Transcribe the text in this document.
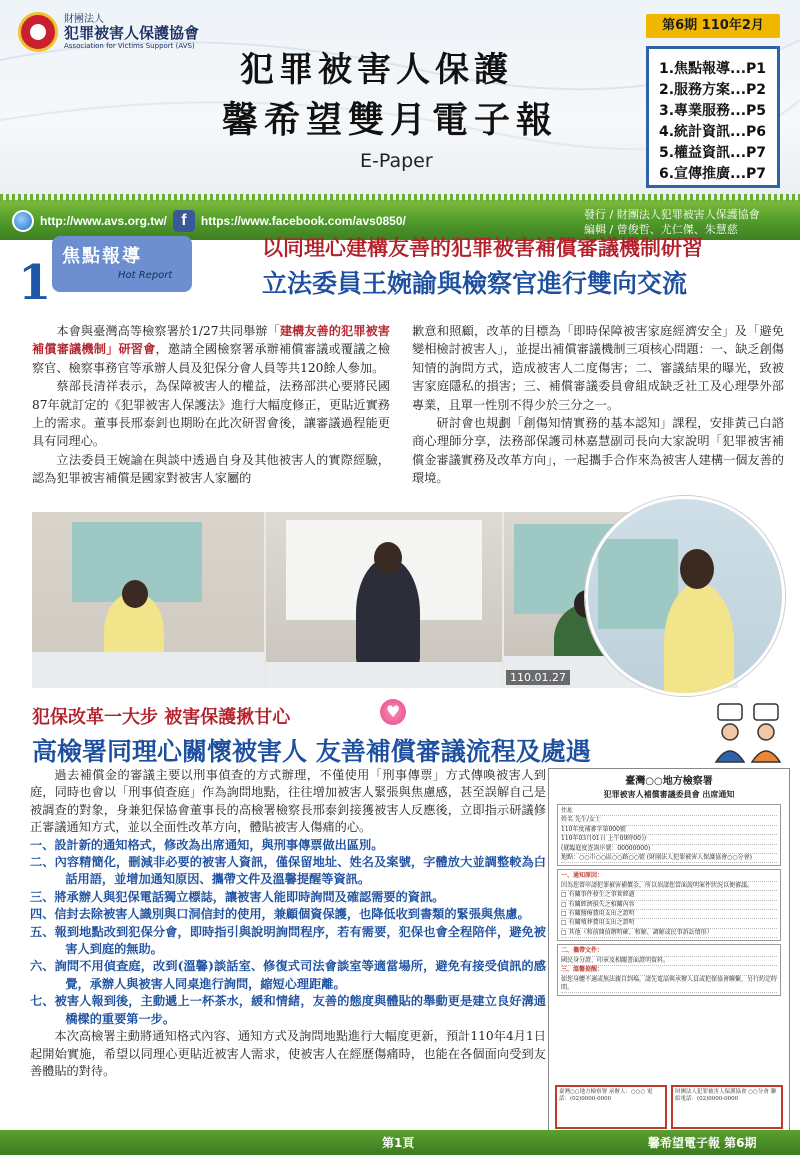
財團法人
犯罪被害人保護協會
Association for Victims Support (AVS)
犯罪被害人保護
馨希望雙月電子報
E-Paper
第6期 110年2月
1.焦點報導...P1
2.服務方案...P2
3.專業服務...P5
4.統計資訊...P6
5.權益資訊...P7
6.宣傳推廣...P7
http://www.avs.org.tw/ f	https://www.facebook.com/avs0850/	發行 / 財團法人犯罪被害人保護協會
編輯 / 曾俊哲、尤仁傑、朱慧慈
焦點報導
Hot Report
1
以同理心建構友善的犯罪被害補償審議機制研習
立法委員王婉諭與檢察官進行雙向交流

本會與臺灣高等檢察署於1/27共同舉辦「建構友善的犯罪被害補償審議機制」研習會，邀請全國檢察署承辦補償審議或覆議之檢察官、檢察事務官等承辦人員及犯保分會人員等共120餘人參加。

蔡部長清祥表示，為保障被害人的權益，法務部洪心要將民國87年就訂定的《犯罪被害人保護法》進行大幅度修正，更貼近實務上的需求。董事長邢泰釗也期盼在此次研習會後，讓審議過程能更具有同理心。

立法委員王婉諭在與談中透過自身及其他被害人的實際經驗，認為犯罪被害補償是國家對被害人家屬的

歉意和照顧，改革的目標為「即時保障被害家庭經濟安全」及「避免變相檢討被害人」，並提出補償審議機制三項核心問題：一、缺乏創傷知情的詢問方式，造成被害人二度傷害；二、審議結果的曝光，致被害家庭隱私的損害；三、補償審議委員會組成缺乏社工及心理學外部專業，且單一性別不得少於三分之一。

研討會也規劃「創傷知情實務的基本認知」課程，安排黃己白諮商心理師分享，法務部保護司林嘉慧副司長向大家說明「犯罪被害補償金審議實務及改革方向」，一起攜手合作來為被害人建構一個友善的環境。

110.01.27
犯保改革一大步 被害保護揪甘心	♥
高檢署同理心關懷被害人 友善補償審議流程及處遇

過去補償金的審議主要以刑事偵查的方式辦理，不僅使用「刑事傳票」方式傳喚被害人到庭，同時也會以「刑事偵查庭」作為詢問地點，往往增加被害人緊張與焦慮感，甚至誤解自己是被調查的對象，身兼犯保協會董事長的高檢署檢察長邢泰釗接獲被害人反應後，立即指示研議修正審議通知方式，並以全面性改革方向，體貼被害人傷痛的心。

一、設計新的通知格式，修改為出席通知，與刑事傳票做出區別。
二、內容精簡化，刪減非必要的被害人資訊，僅保留地址、姓名及案號，字體放大並調整較為白話用語，並增加通知原因、攜帶文件及溫馨提醒等資訊。
三、將承辦人與犯保電話獨立標誌，讓被害人能即時詢問及確認需要的資訊。
四、信封去除被害人識別與口洞信封的使用，兼顧個資保護，也降低收到書類的緊張與焦慮。
五、報到地點改到犯保分會，即時指引與說明詢問程序，若有需要，犯保也會全程陪伴，避免被害人到庭的無助。
六、詢問不用偵查庭，改到(溫馨)談話室、修復式司法會談室等適當場所，避免有接受偵訊的感覺，承辦人與被害人同桌進行詢問，縮短心理距離。
七、被害人報到後，主動遞上一杯茶水，緩和情緒，友善的態度與體貼的舉動更是建立良好溝通橋樑的重要第一步。

本次高檢署主動將通知格式內容、通知方式及詢問地點進行大幅度更新，預計110年4月1日起開始實施，希望以同理心更貼近被害人需求，使被害人在經歷傷痛時，也能在各個面向受到友善體貼的對待。

臺灣○○地方檢察署
犯罪被害人補償審議委員會 出席通知
住址
姓名 先生/女士
110年度補審字第000號
110年03月01日 上午09時00分
(就臨進度查詢序號：00000000)
地點：○○市○○區○○路○○號 (財團法人犯罪被害人保護協會○○分會)
一、通知原因：
因為您曾申請犯罪被害補償金，所以須請您當面說明案件狀況以便審議。
□ 有關事件發生之事實經過
□ 有關經濟損失之相關內容
□ 有關醫療費用支出之證明
□ 有關殯葬費用支出之證明
□ 其他（和前開偵辦明確、和解、調解或民事訴訟情形）
二、攜帶文件：
國民身分證、印章及相關書面證明資料。
三、溫馨提醒：
如您身體不適或無法親自到場，請先電話與承辦人員或犯保協會聯繫，另行約定時間。
臺灣○○地方檢察署 承辦人：○○○ 電話：(02)0000-0000
財團法人犯罪被害人保護協會 ○○分會 聯絡電話：(02)0000-0000
第1頁	馨希望電子報 第6期
